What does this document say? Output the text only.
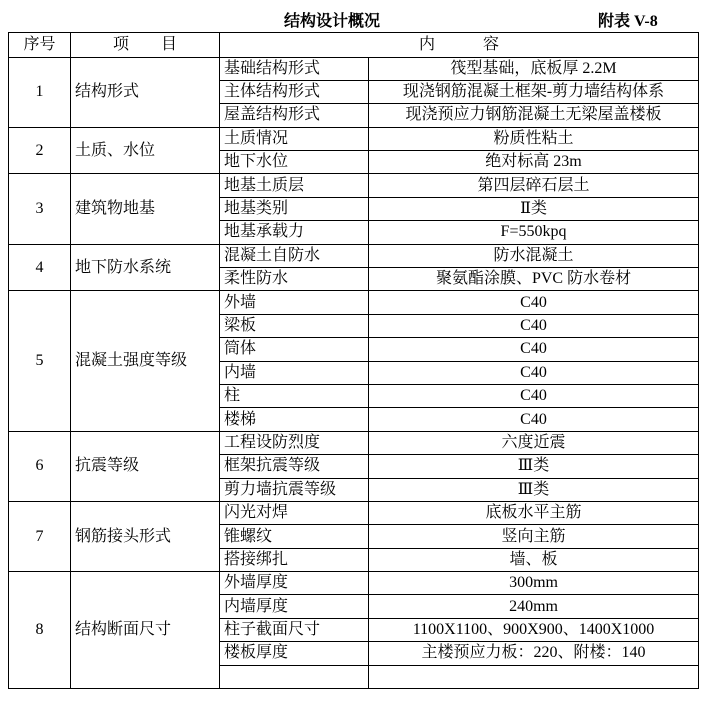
结构设计概况	附表 V-8
序号	项　　目	内　　　容	
1	结构形式	基础结构形式	筏型基础，底板厚 2.2M
		主体结构形式	现浇钢筋混凝土框架-剪力墙结构体系
		屋盖结构形式	现浇预应力钢筋混凝土无梁屋盖楼板
2	土质、水位	土质情况	粉质性粘土
		地下水位	绝对标高 23m
3	建筑物地基	地基土质层	第四层碎石层土
		地基类别	Ⅱ类
		地基承载力	F=550kpq
4	地下防水系统	混凝土自防水	防水混凝土
		柔性防水	聚氨酯涂膜、PVC 防水卷材
5	混凝土强度等级	外墙	C40
		梁板	C40
		筒体	C40
		内墙	C40
		柱	C40
		楼梯	C40
6	抗震等级	工程设防烈度	六度近震
		框架抗震等级	Ⅲ类
		剪力墙抗震等级	Ⅲ类
7	钢筋接头形式	闪光对焊	底板水平主筋
		锥螺纹	竖向主筋
		搭接绑扎	墙、板
8	结构断面尺寸	外墙厚度	300mm
		内墙厚度	240mm
		柱子截面尺寸	1100X1100、900X900、1400X1000
		楼板厚度	主楼预应力板：220、附楼：140
